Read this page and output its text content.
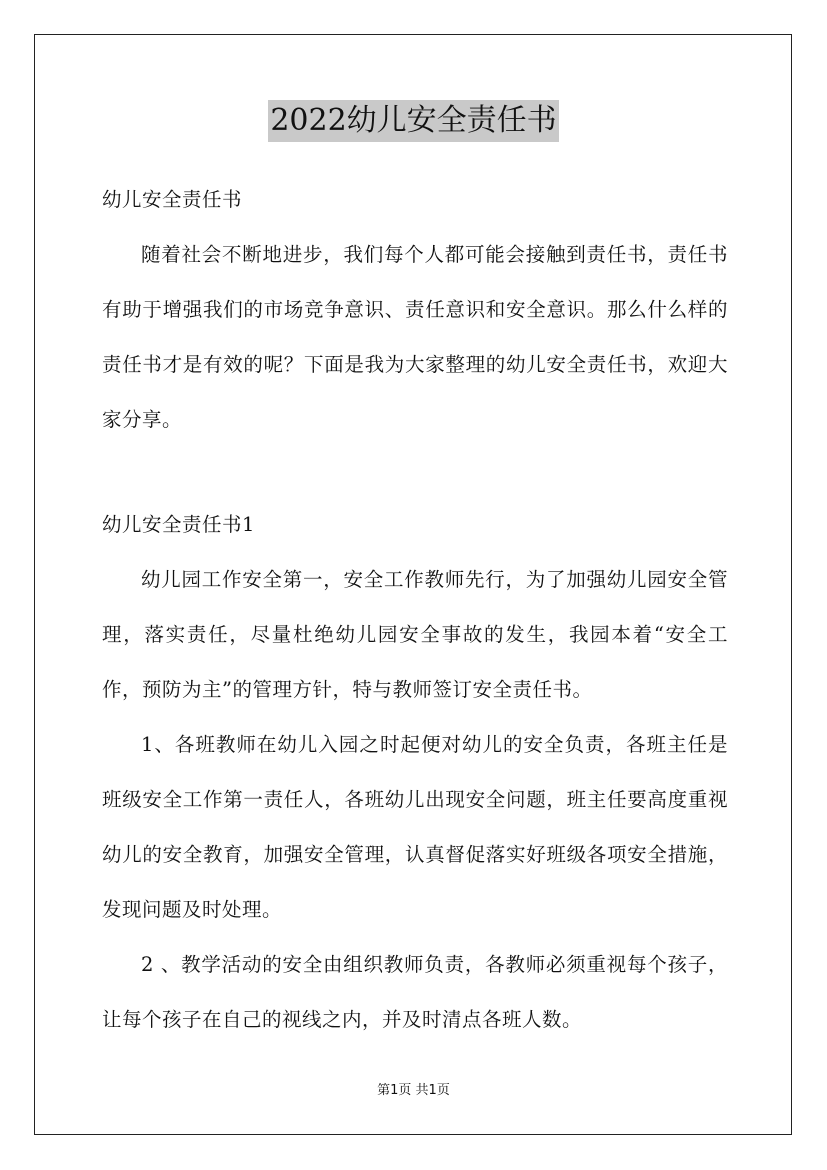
2022幼儿安全责任书

幼儿安全责任书

随着社会不断地进步，我们每个人都可能会接触到责任书，责任书有助于增强我们的市场竞争意识、责任意识和安全意识。那么什么样的责任书才是有效的呢？下面是我为大家整理的幼儿安全责任书，欢迎大家分享。

幼儿安全责任书1

幼儿园工作安全第一，安全工作教师先行，为了加强幼儿园安全管理，落实责任，尽量杜绝幼儿园安全事故的发生，我园本着“安全工作，预防为主”的管理方针，特与教师签订安全责任书。

1、各班教师在幼儿入园之时起便对幼儿的安全负责，各班主任是班级安全工作第一责任人，各班幼儿出现安全问题，班主任要高度重视幼儿的安全教育，加强安全管理，认真督促落实好班级各项安全措施，发现问题及时处理。

2 、教学活动的安全由组织教师负责，各教师必须重视每个孩子，让每个孩子在自己的视线之内，并及时清点各班人数。

第1页 共1页
